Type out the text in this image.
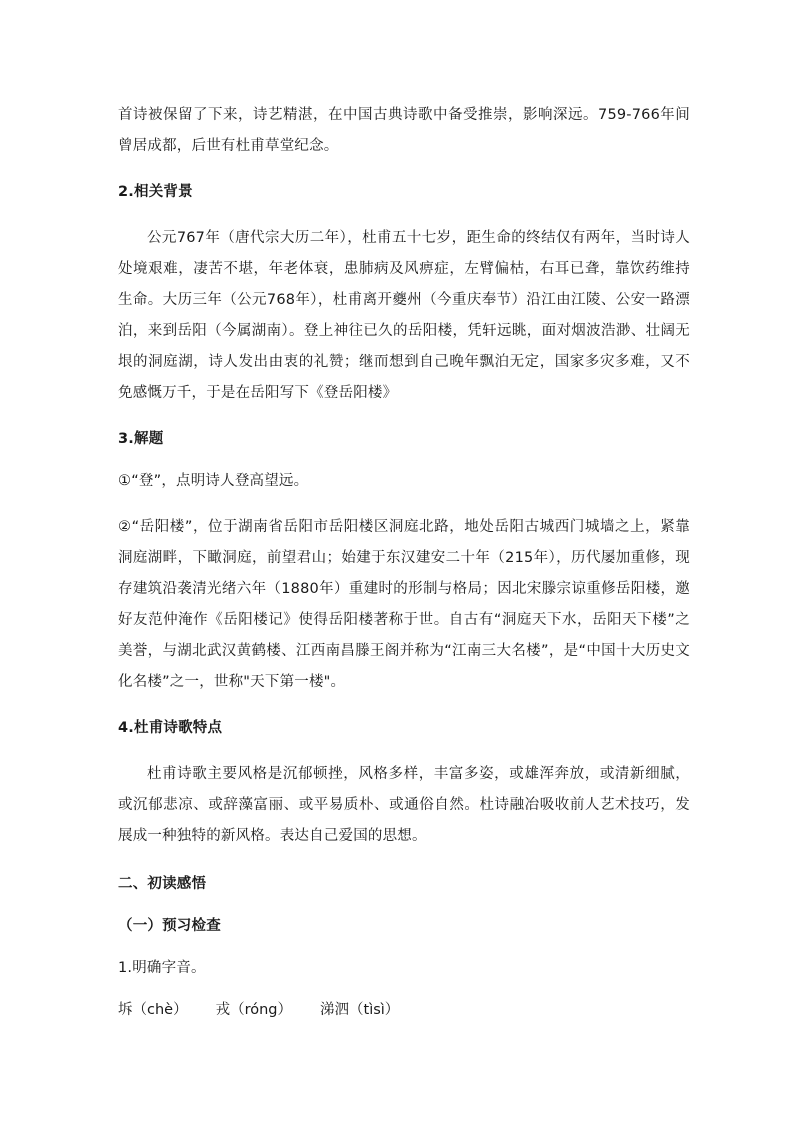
首诗被保留了下来，诗艺精湛，在中国古典诗歌中备受推崇，影响深远。759-766年间曾居成都，后世有杜甫草堂纪念。

2.相关背景

公元767年（唐代宗大历二年），杜甫五十七岁，距生命的终结仅有两年，当时诗人处境艰难，凄苦不堪，年老体衰，患肺病及风痹症，左臂偏枯，右耳已聋，靠饮药维持生命。大历三年（公元768年），杜甫离开夔州（今重庆奉节）沿江由江陵、公安一路漂泊，来到岳阳（今属湖南）。登上神往已久的岳阳楼，凭轩远眺，面对烟波浩渺、壮阔无垠的洞庭湖，诗人发出由衷的礼赞；继而想到自己晚年飘泊无定，国家多灾多难，又不免感慨万千，于是在岳阳写下《登岳阳楼》

3.解题

①“登”，点明诗人登高望远。

②“岳阳楼”，位于湖南省岳阳市岳阳楼区洞庭北路，地处岳阳古城西门城墙之上，紧靠洞庭湖畔，下瞰洞庭，前望君山；始建于东汉建安二十年（215年），历代屡加重修，现存建筑沿袭清光绪六年（1880年）重建时的形制与格局；因北宋滕宗谅重修岳阳楼，邀好友范仲淹作《岳阳楼记》使得岳阳楼著称于世。自古有“洞庭天下水，岳阳天下楼”之美誉，与湖北武汉黄鹤楼、江西南昌滕王阁并称为“江南三大名楼”，是“中国十大历史文化名楼”之一，世称"天下第一楼"。

4.杜甫诗歌特点

杜甫诗歌主要风格是沉郁顿挫，风格多样，丰富多姿，或雄浑奔放，或清新细腻，或沉郁悲凉、或辞藻富丽、或平易质朴、或通俗自然。杜诗融冶吸收前人艺术技巧，发展成一种独特的新风格。表达自己爱国的思想。

二、初读感悟

（一）预习检查

1.明确字音。

坼（chè） 戎（róng） 涕泗（tìsì）
